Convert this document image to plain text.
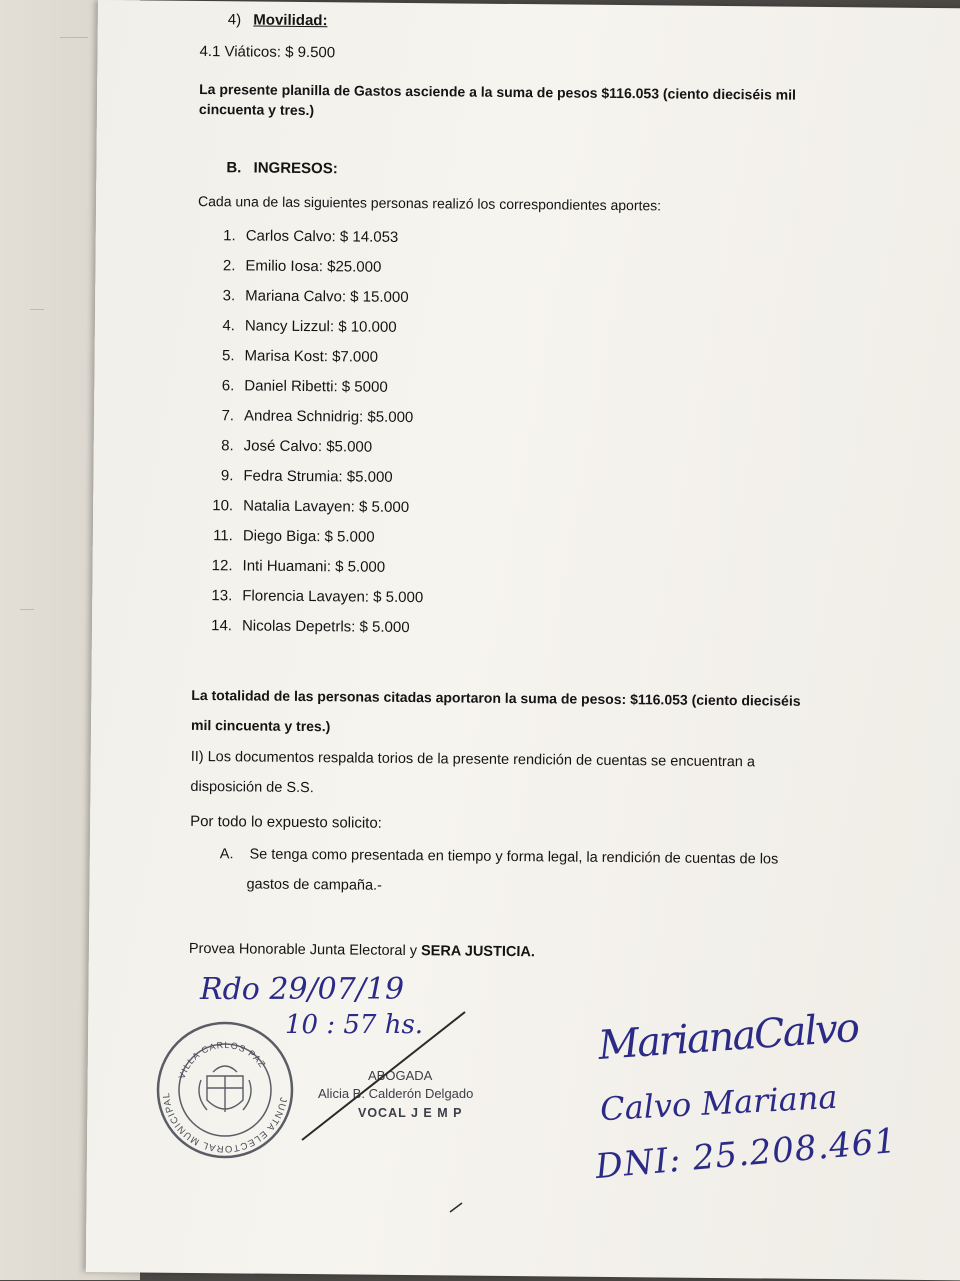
——
—
—
4) Movilidad:
4.1 Viáticos: $ 9.500
La presente planilla de Gastos asciende a la suma de pesos $116.053 (ciento dieciséis mil
cincuenta y tres.)
B. INGRESOS:
Cada una de las siguientes personas realizó los correspondientes aportes:
1. Carlos Calvo: $ 14.053
2. Emilio Iosa: $25.000
3. Mariana Calvo: $ 15.000
4. Nancy Lizzul: $ 10.000
5. Marisa Kost: $7.000
6. Daniel Ribetti: $ 5000
7. Andrea Schnidrig: $5.000
8. José Calvo: $5.000
9. Fedra Strumia: $5.000
10. Natalia Lavayen: $ 5.000
11. Diego Biga: $ 5.000
12. Inti Huamani: $ 5.000
13. Florencia Lavayen: $ 5.000
14. Nicolas Depetrls: $ 5.000
La totalidad de las personas citadas aportaron la suma de pesos: $116.053 (ciento dieciséis
mil cincuenta y tres.)
II) Los documentos respalda torios de la presente rendición de cuentas se encuentran a
disposición de S.S.
Por todo lo expuesto solicito:
A. Se tenga como presentada en tiempo y forma legal, la rendición de cuentas de los
gastos de campaña.-
Provea Honorable Junta Electoral y SERA JUSTICIA.
Rdo 29/07/19
10 : 57 hs.
JUNTA ELECTORAL MUNICIPAL
VILLA CARLOS PAZ
ABOGADA
Alicia B. Calderón Delgado
VOCAL J E M P
MarianaCalvo
Calvo Mariana
DNI: 25.208.461
